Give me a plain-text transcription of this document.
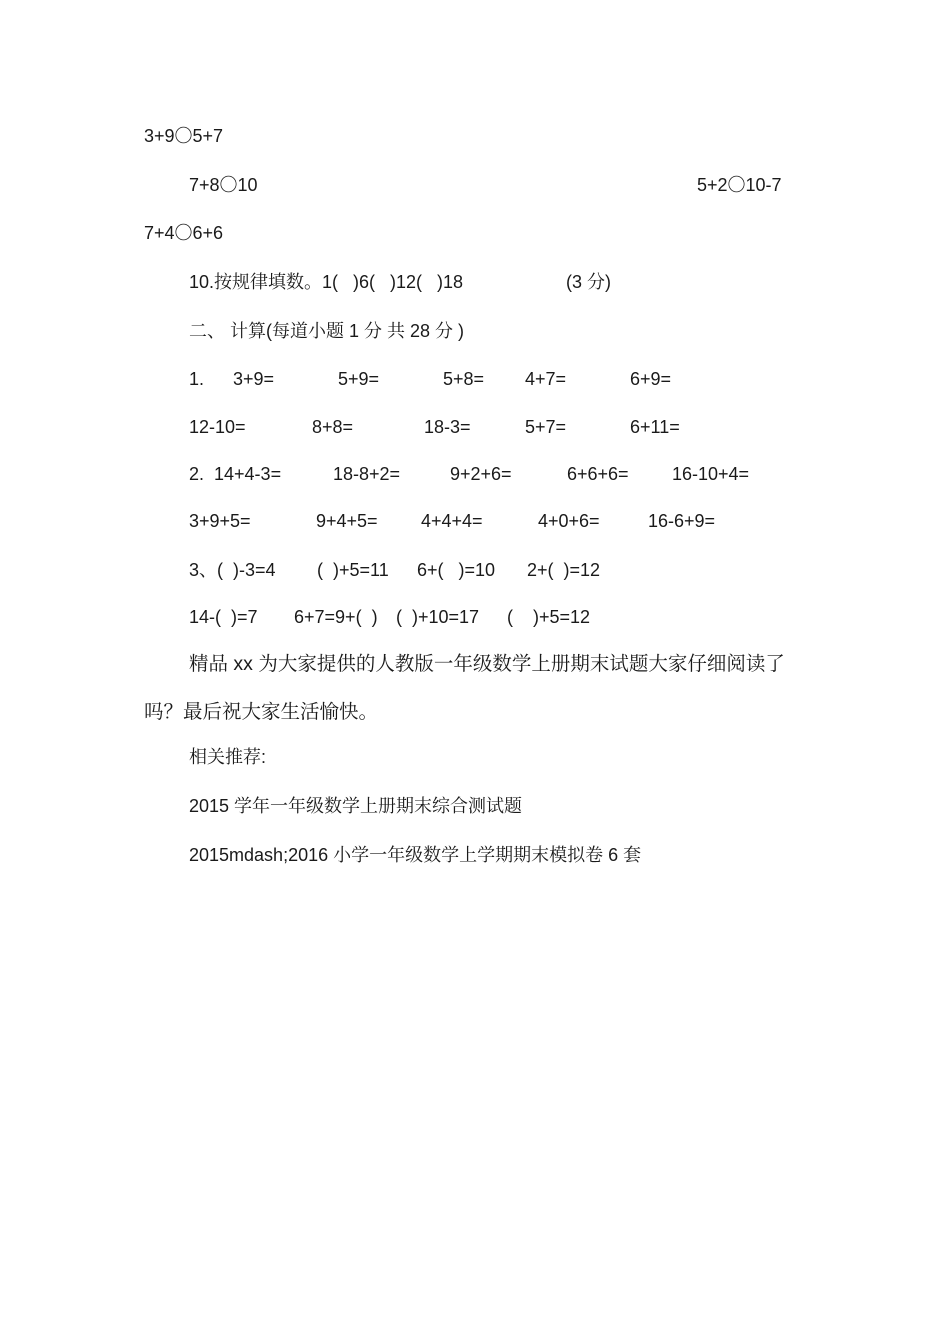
3+9〇5+7
7+8〇10	5+2〇10-7
7+4〇6+6
10.按规律填数。1(   )6(   )12(   )18	(3 分)
二、 计算(每道小题 1 分 共 28 分 )
1. 3+9=	5+9=	5+8= 4+7=	6+9=
12-10=	8+8=	18-3=	5+7=	6+11=
2.  14+4-3=	18-8+2=	9+2+6=	6+6+6= 16-10+4=
3+9+5=	9+4+5= 4+4+4=	4+0+6=	16-6+9=
3、(  )-3=4 (  )+5=11 6+(   )=10 2+(  )=12
14-(  )=7 6+7=9+(  ) (  )+10=17 (    )+5=12
精品 xx 为大家提供的人教版一年级数学上册期末试题大家仔细阅读了吗？最后祝大家生活愉快。
相关推荐:
2015 学年一年级数学上册期末综合测试题
2015mdash;2016 小学一年级数学上学期期末模拟卷 6 套
